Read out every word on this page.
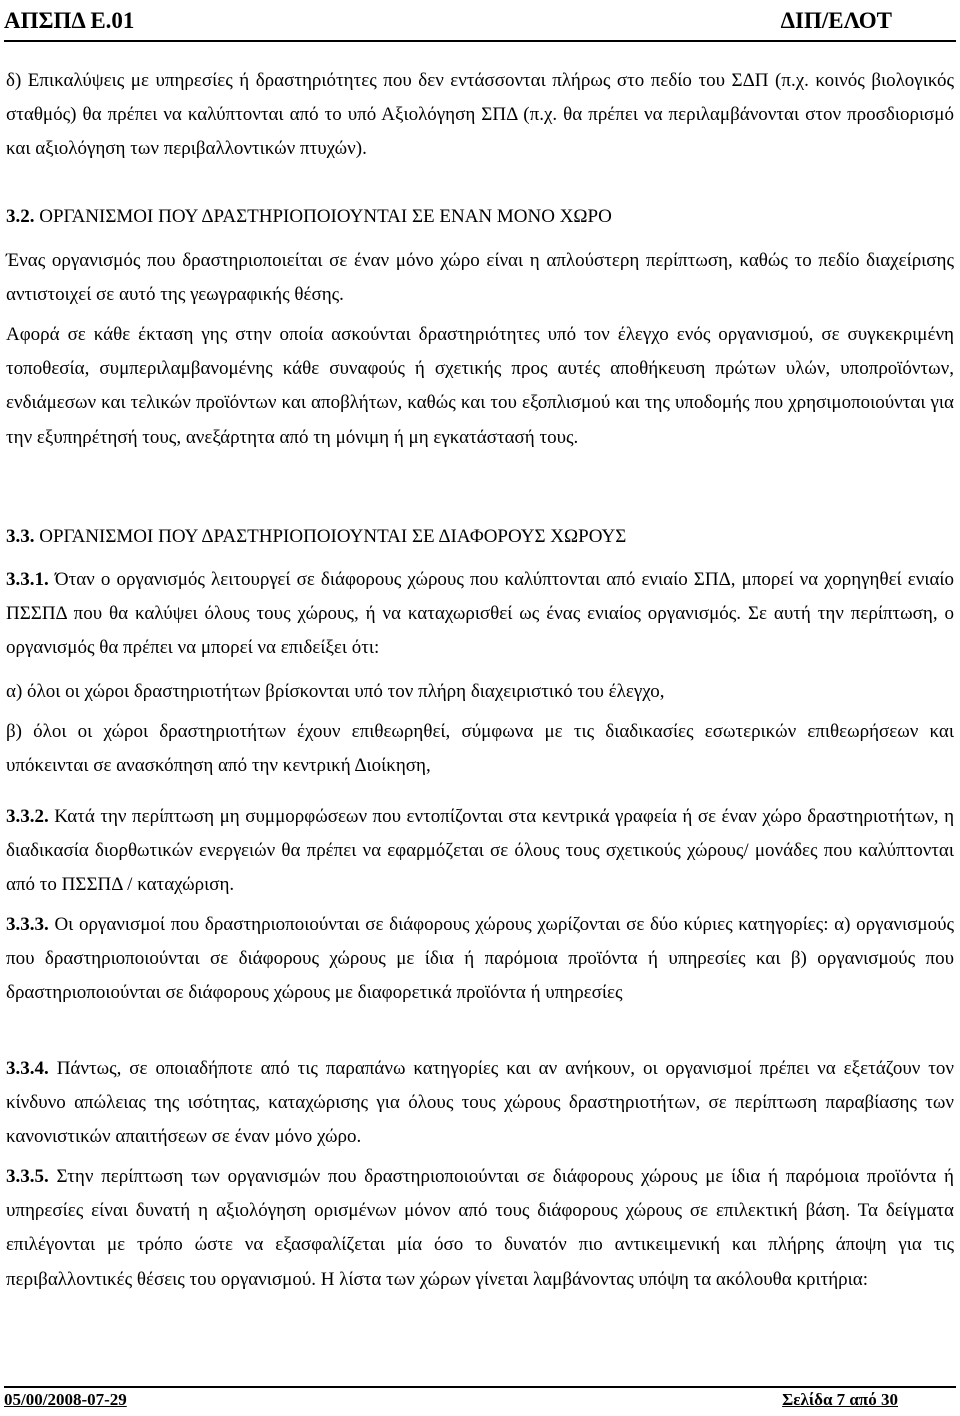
ΑΠΣΠΔ Ε.01	ΔΙΠ/ΕΛΟΤ

δ) Επικαλύψεις με υπηρεσίες ή δραστηριότητες που δεν εντάσσονται πλήρως στο πεδίο του ΣΔΠ (π.χ. κοινός βιολογικός σταθμός) θα πρέπει να καλύπτονται από το υπό Αξιολόγηση ΣΠΔ (π.χ. θα πρέπει να περιλαμβάνονται στον προσδιορισμό και αξιολόγηση των περιβαλλοντικών πτυχών).

3.2. ΟΡΓΑΝΙΣΜΟΙ ΠΟΥ ΔΡΑΣΤΗΡΙΟΠΟΙΟΥΝΤΑΙ ΣΕ ΕΝΑΝ ΜΟΝΟ ΧΩΡΟ

Ένας οργανισμός που δραστηριοποιείται σε έναν μόνο χώρο είναι η απλούστερη περίπτωση, καθώς το πεδίο διαχείρισης αντιστοιχεί σε αυτό της γεωγραφικής θέσης.

Αφορά σε κάθε έκταση γης στην οποία ασκούνται δραστηριότητες υπό τον έλεγχο ενός οργανισμού, σε συγκεκριμένη τοποθεσία, συμπεριλαμβανομένης κάθε συναφούς ή σχετικής προς αυτές αποθήκευση πρώτων υλών, υποπροϊόντων, ενδιάμεσων και τελικών προϊόντων και αποβλήτων, καθώς και του εξοπλισμού και της υποδομής που χρησιμοποιούνται για την εξυπηρέτησή τους, ανεξάρτητα από τη μόνιμη ή μη εγκατάστασή τους.

3.3. ΟΡΓΑΝΙΣΜΟΙ ΠΟΥ ΔΡΑΣΤΗΡΙΟΠΟΙΟΥΝΤΑΙ ΣΕ ΔΙΑΦΟΡΟΥΣ ΧΩΡΟΥΣ

3.3.1. Όταν ο οργανισμός λειτουργεί σε διάφορους χώρους που καλύπτονται από ενιαίο ΣΠΔ, μπορεί να χορηγηθεί ενιαίο ΠΣΣΠΔ που θα καλύψει όλους τους χώρους, ή να καταχωρισθεί ως ένας ενιαίος οργανισμός. Σε αυτή την περίπτωση, ο οργανισμός θα πρέπει να μπορεί να επιδείξει ότι:

α) όλοι οι χώροι δραστηριοτήτων βρίσκονται υπό τον πλήρη διαχειριστικό του έλεγχο,

β) όλοι οι χώροι δραστηριοτήτων έχουν επιθεωρηθεί, σύμφωνα με τις διαδικασίες εσωτερικών επιθεωρήσεων και υπόκεινται σε ανασκόπηση από την κεντρική Διοίκηση,

3.3.2. Κατά την περίπτωση μη συμμορφώσεων που εντοπίζονται στα κεντρικά γραφεία ή σε έναν χώρο δραστηριοτήτων, η διαδικασία διορθωτικών ενεργειών θα πρέπει να εφαρμόζεται σε όλους τους σχετικούς χώρους/ μονάδες που καλύπτονται από το ΠΣΣΠΔ / καταχώριση.

3.3.3. Οι οργανισμοί που δραστηριοποιούνται σε διάφορους χώρους χωρίζονται σε δύο κύριες κατηγορίες: α) οργανισμούς που δραστηριοποιούνται σε διάφορους χώρους με ίδια ή παρόμοια προϊόντα ή υπηρεσίες και β) οργανισμούς που δραστηριοποιούνται σε διάφορους χώρους με διαφορετικά προϊόντα ή υπηρεσίες

3.3.4. Πάντως, σε οποιαδήποτε από τις παραπάνω κατηγορίες και αν ανήκουν, οι οργανισμοί πρέπει να εξετάζουν τον κίνδυνο απώλειας της ισότητας, καταχώρισης για όλους τους χώρους δραστηριοτήτων, σε περίπτωση παραβίασης των κανονιστικών απαιτήσεων σε έναν μόνο χώρο.

3.3.5. Στην περίπτωση των οργανισμών που δραστηριοποιούνται σε διάφορους χώρους με ίδια ή παρόμοια προϊόντα ή υπηρεσίες είναι δυνατή η αξιολόγηση ορισμένων μόνον από τους διάφορους χώρους σε επιλεκτική βάση. Τα δείγματα επιλέγονται με τρόπο ώστε να εξασφαλίζεται μία όσο το δυνατόν πιο αντικειμενική και πλήρης άποψη για τις περιβαλλοντικές θέσεις του οργανισμού. Η λίστα των χώρων γίνεται λαμβάνοντας υπόψη τα ακόλουθα κριτήρια:

05/00/2008-07-29	Σελίδα 7 από 30
